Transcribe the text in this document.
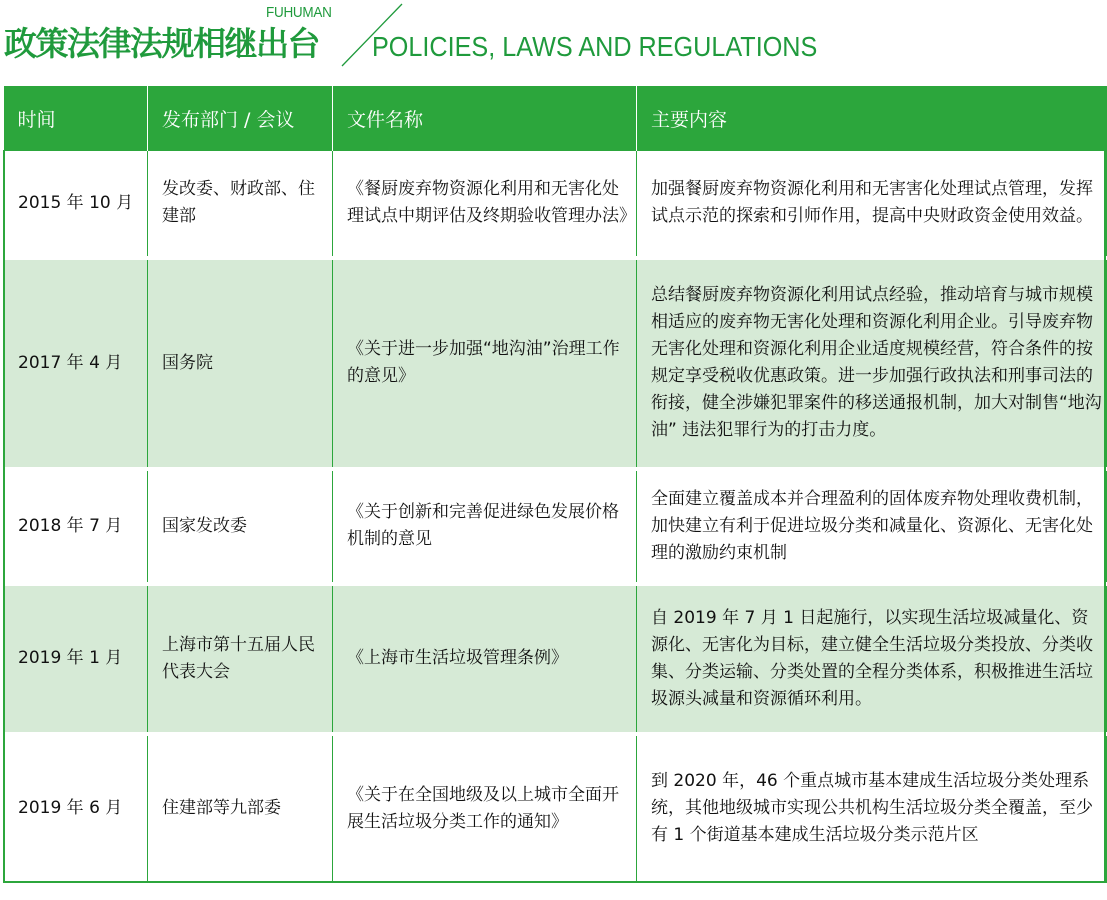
政策法律法规相继出台
FUHUMAN
POLICIES, LAWS AND REGULATIONS
时间	发布部门 / 会议	文件名称	主要内容
2015 年 10 月	发改委、财政部、住建部	《餐厨废弃物资源化利用和无害化处理试点中期评估及终期验收管理办法》	加强餐厨废弃物资源化利用和无害害化处理试点管理，发挥试点示范的探索和引师作用，提高中央财政资金使用效益。
2017 年 4 月	国务院	《关于进一步加强“地沟油”治理工作的意见》	总结餐厨废弃物资源化利用试点经验，推动培育与城市规模相适应的废弃物无害化处理和资源化利用企业。引导废弃物无害化处理和资源化利用企业适度规模经营，符合条件的按规定享受税收优惠政策。进一步加强行政执法和刑事司法的衔接，健全涉嫌犯罪案件的移送通报机制，加大对制售“地沟油” 违法犯罪行为的打击力度。
2018 年 7 月	国家发改委	《关于创新和完善促进绿色发展价格机制的意见	全面建立覆盖成本并合理盈利的固体废弃物处理收费机制，加快建立有利于促进垃圾分类和减量化、资源化、无害化处理的激励约束机制
2019 年 1 月	上海市第十五届人民代表大会	《上海市生活垃圾管理条例》	自 2019 年 7 月 1 日起施行，以实现生活垃圾减量化、资源化、无害化为目标，建立健全生活垃圾分类投放、分类收集、分类运输、分类处置的全程分类体系，积极推进生活垃圾源头减量和资源循环利用。
2019 年 6 月	住建部等九部委	《关于在全国地级及以上城市全面开展生活垃圾分类工作的通知》	到 2020 年，46 个重点城市基本建成生活垃圾分类处理系统，其他地级城市实现公共机构生活垃圾分类全覆盖，至少有 1 个街道基本建成生活垃圾分类示范片区
